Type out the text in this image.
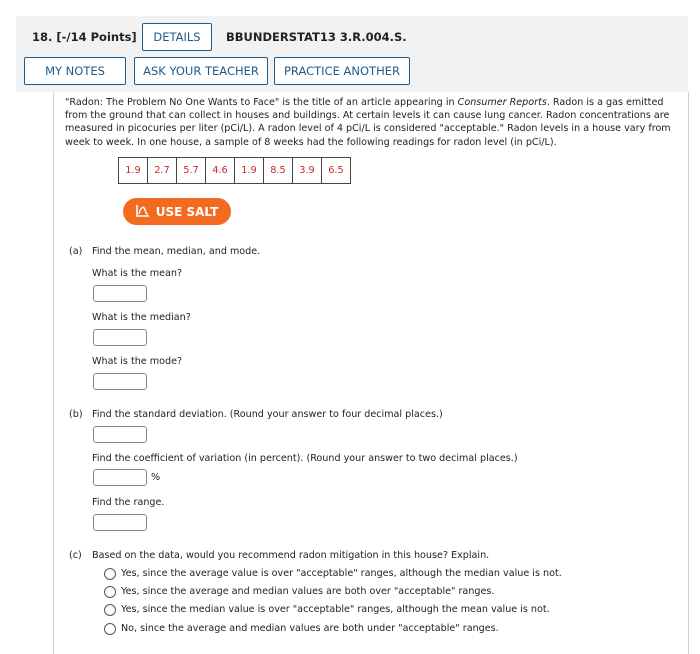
18. [-/14 Points]	DETAILS	BBUNDERSTAT13 3.R.004.S.
MY NOTES	ASK YOUR TEACHER	PRACTICE ANOTHER
"Radon: The Problem No One Wants to Face" is the title of an article appearing in Consumer Reports. Radon is a gas emitted from the ground that can collect in houses and buildings. At certain levels it can cause lung cancer. Radon concentrations are measured in picocuries per liter (pCi/L). A radon level of 4 pCi/L is considered "acceptable." Radon levels in a house vary from week to week. In one house, a sample of 8 weeks had the following readings for radon level (in pCi/L).
1.9	2.7	5.7	4.6	1.9	8.5	3.9	6.5
USE SALT
(a) Find the mean, median, and mode.
What is the mean?
What is the median?
What is the mode?
(b) Find the standard deviation. (Round your answer to four decimal places.)
Find the coefficient of variation (in percent). (Round your answer to two decimal places.)
%
Find the range.
(c) Based on the data, would you recommend radon mitigation in this house? Explain.
Yes, since the average value is over "acceptable" ranges, although the median value is not.
Yes, since the average and median values are both over "acceptable" ranges.
Yes, since the median value is over "acceptable" ranges, although the mean value is not.
No, since the average and median values are both under "acceptable" ranges.
